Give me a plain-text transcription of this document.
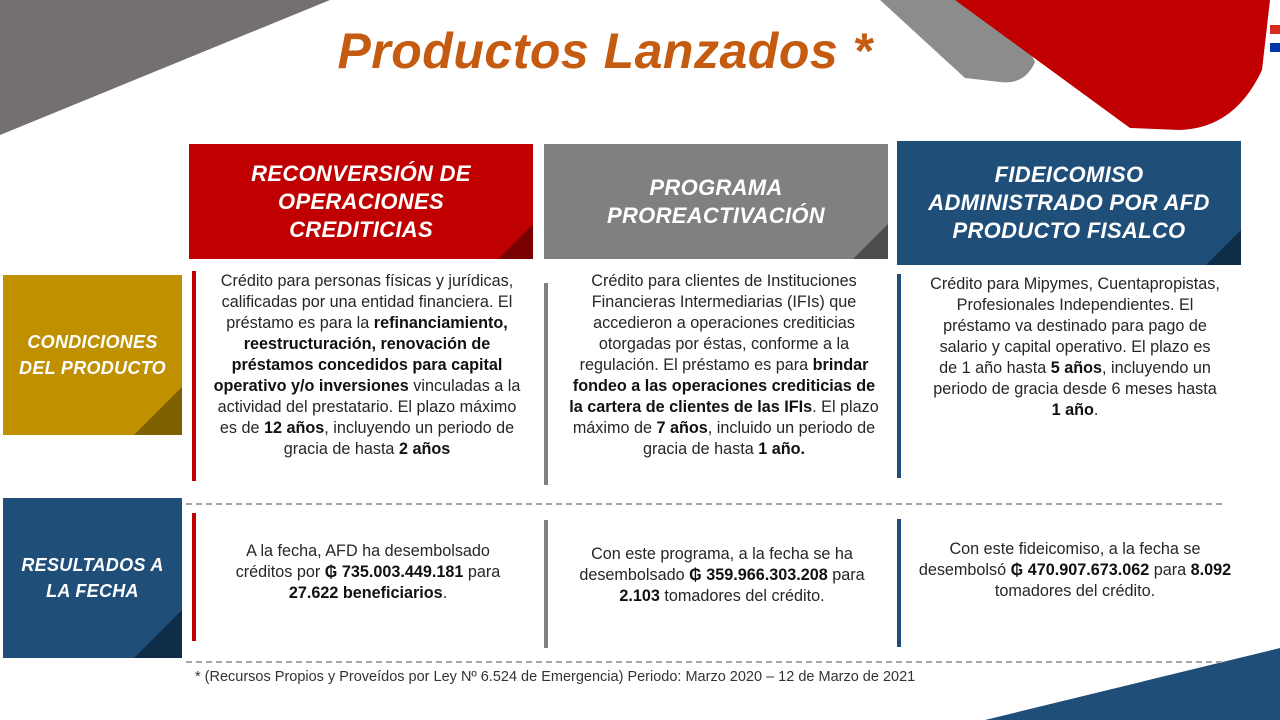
Productos Lanzados *
RECONVERSIÓN DE OPERACIONES CREDITICIAS
PROGRAMA PROREACTIVACIÓN
FIDEICOMISO ADMINISTRADO POR AFD PRODUCTO FISALCO
CONDICIONES DEL PRODUCTO
RESULTADOS A LA FECHA
Crédito para personas físicas y jurídicas, calificadas por una entidad financiera. El préstamo es para la refinanciamiento, reestructuración, renovación de préstamos concedidos para capital operativo y/o inversiones vinculadas a la actividad del prestatario. El plazo máximo es de 12 años, incluyendo un periodo de gracia de hasta 2 años
Crédito para clientes de Instituciones Financieras Intermediarias (IFIs) que accedieron a operaciones crediticias otorgadas por éstas, conforme a la regulación. El préstamo es para brindar fondeo a las operaciones crediticias de la cartera de clientes de las IFIs. El plazo máximo de 7 años, incluido un periodo de gracia de hasta 1 año.
Crédito para Mipymes, Cuentapropistas, Profesionales Independientes. El préstamo va destinado para pago de salario y capital operativo. El plazo es de 1 año hasta 5 años, incluyendo un periodo de gracia desde 6 meses hasta 1 año.
A la fecha, AFD ha desembolsado créditos por ₲ 735.003.449.181 para 27.622 beneficiarios.
Con este programa, a la fecha se ha desembolsado ₲ 359.966.303.208 para 2.103 tomadores del crédito.
Con este fideicomiso, a la fecha se desembolsó ₲ 470.907.673.062 para 8.092 tomadores del crédito.
* (Recursos Propios y Proveídos por Ley Nº 6.524 de Emergencia) Periodo: Marzo 2020 – 12 de Marzo de 2021
